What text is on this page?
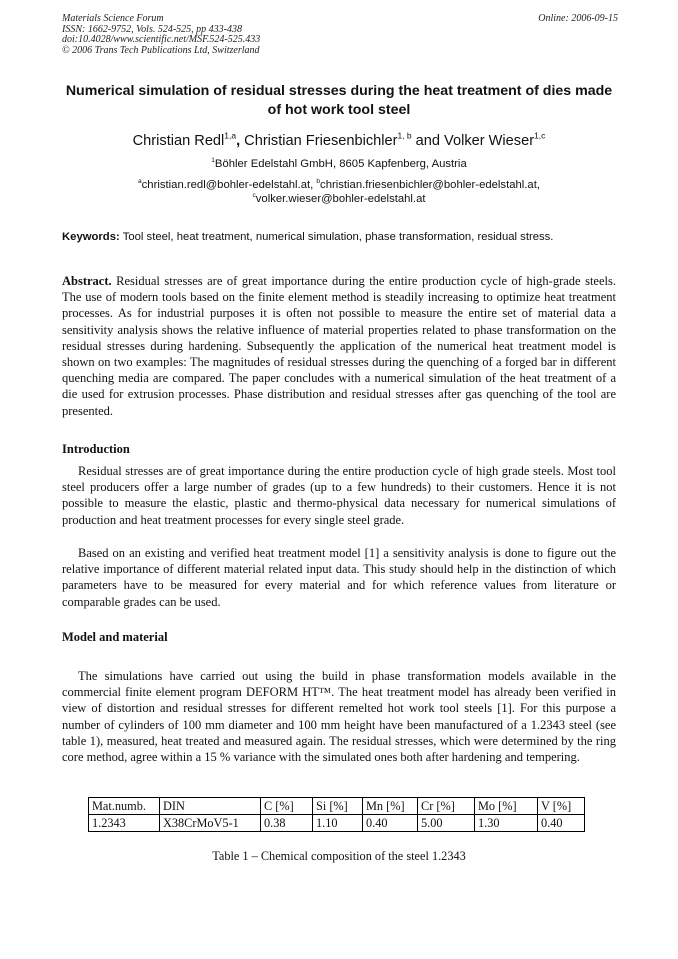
Materials Science Forum
ISSN: 1662-9752, Vols. 524-525, pp 433-438
doi:10.4028/www.scientific.net/MSF.524-525.433
© 2006 Trans Tech Publications Ltd, Switzerland
Online: 2006-09-15
Numerical simulation of residual stresses during the heat treatment of dies made of hot work tool steel
Christian Redl$^{1,a}$, Christian Friesenbichler$^{1, b}$ and Volker Wieser$^{1,c}$
$^1$Böhler Edelstahl GmbH, 8605 Kapfenberg, Austria
$^a$christian.redl@bohler-edelstahl.at, $^b$christian.friesenbichler@bohler-edelstahl.at,
$^c$volker.wieser@bohler-edelstahl.at
Keywords: Tool steel, heat treatment, numerical simulation, phase transformation, residual stress.
Abstract. Residual stresses are of great importance during the entire production cycle of high-grade steels. The use of modern tools based on the finite element method is steadily increasing to optimize heat treatment processes. As for industrial purposes it is often not possible to measure the entire set of material data a sensitivity analysis shows the relative influence of material properties related to phase transformation on the residual stresses during hardening. Subsequently the application of the numerical heat treatment model is shown on two examples: The magnitudes of residual stresses during the quenching of a forged bar in different quenching media are compared. The paper concludes with a numerical simulation of the heat treatment of a die used for extrusion processes. Phase distribution and residual stresses after gas quenching of the tool are presented.
Introduction
Residual stresses are of great importance during the entire production cycle of high grade steels. Most tool steel producers offer a large number of grades (up to a few hundreds) to their customers. Hence it is not possible to measure the elastic, plastic and thermo-physical data necessary for numerical simulations of production and heat treatment processes for every single steel grade.
Based on an existing and verified heat treatment model [1] a sensitivity analysis is done to figure out the relative importance of different material related input data. This study should help in the distinction of which parameters have to be measured for every material and for which reference values from literature or comparable grades can be used.
Model and material
The simulations have carried out using the build in phase transformation models available in the commercial finite element program DEFORM HT™. The heat treatment model has already been verified in view of distortion and residual stresses for different remelted hot work tool steels [1]. For this purpose a number of cylinders of 100 mm diameter and 100 mm height have been manufactured of a 1.2343 steel (see table 1), measured, heat treated and measured again. The residual stresses, which were determined by the ring core method, agree within a 15 % variance with the simulated ones both after hardening and tempering.
Mat.numb.	DIN	C [%]	Si [%]	Mn [%]	Cr [%]	Mo [%]	V [%]
1.2343	X38CrMoV5-1	0.38	1.10	0.40	5.00	1.30	0.40
Table 1 – Chemical composition of the steel 1.2343
